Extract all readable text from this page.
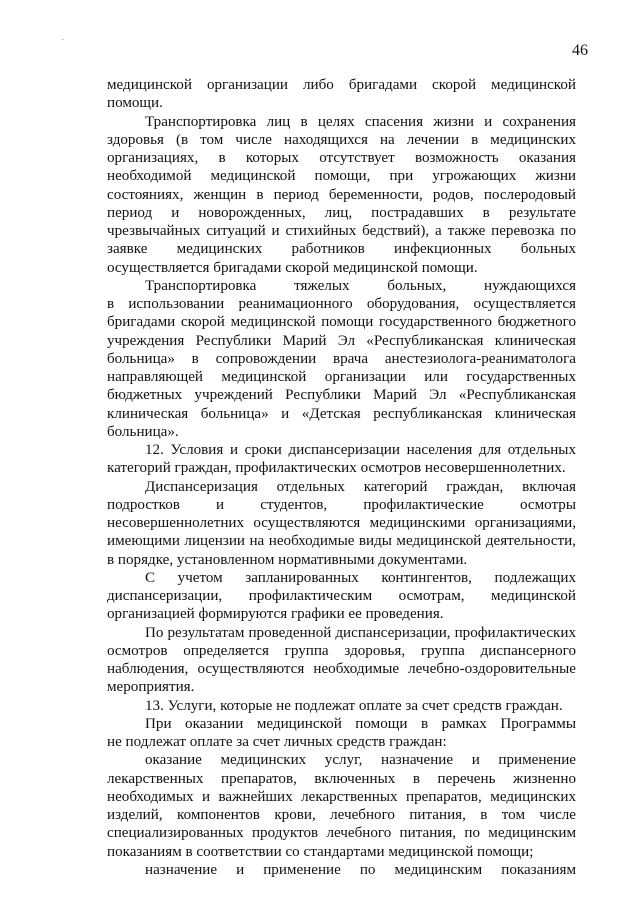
.
46
медицинской организации либо бригадами скорой медицинской
помощи.
Транспортировка лиц в целях спасения жизни и сохранения
здоровья (в том числе находящихся на лечении в медицинских
организациях, в которых отсутствует возможность оказания
необходимой медицинской помощи, при угрожающих жизни
состояниях, женщин в период беременности, родов, послеродовый
период и новорожденных, лиц, пострадавших в результате
чрезвычайных ситуаций и стихийных бедствий), а также перевозка по
заявке медицинских работников инфекционных больных
осуществляется бригадами скорой медицинской помощи.
Транспортировка тяжелых больных, нуждающихся
в использовании реанимационного оборудования, осуществляется
бригадами скорой медицинской помощи государственного бюджетного
учреждения Республики Марий Эл «Республиканская клиническая
больница» в сопровождении врача анестезиолога-реаниматолога
направляющей медицинской организации или государственных
бюджетных учреждений Республики Марий Эл «Республиканская
клиническая больница» и «Детская республиканская клиническая
больница».
12. Условия и сроки диспансеризации населения для отдельных
категорий граждан, профилактических осмотров несовершеннолетних.
Диспансеризация отдельных категорий граждан, включая
подростков и студентов, профилактические осмотры
несовершеннолетних осуществляются медицинскими организациями,
имеющими лицензии на необходимые виды медицинской деятельности,
в порядке, установленном нормативными документами.
С учетом запланированных контингентов, подлежащих
диспансеризации, профилактическим осмотрам, медицинской
организацией формируются графики ее проведения.
По результатам проведенной диспансеризации, профилактических
осмотров определяется группа здоровья, группа диспансерного
наблюдения, осуществляются необходимые лечебно-оздоровительные
мероприятия.
13. Услуги, которые не подлежат оплате за счет средств граждан.
При оказании медицинской помощи в рамках Программы
не подлежат оплате за счет личных средств граждан:
оказание медицинских услуг, назначение и применение
лекарственных препаратов, включенных в перечень жизненно
необходимых и важнейших лекарственных препаратов, медицинских
изделий, компонентов крови, лечебного питания, в том числе
специализированных продуктов лечебного питания, по медицинским
показаниям в соответствии со стандартами медицинской помощи;
назначение и применение по медицинским показаниям
